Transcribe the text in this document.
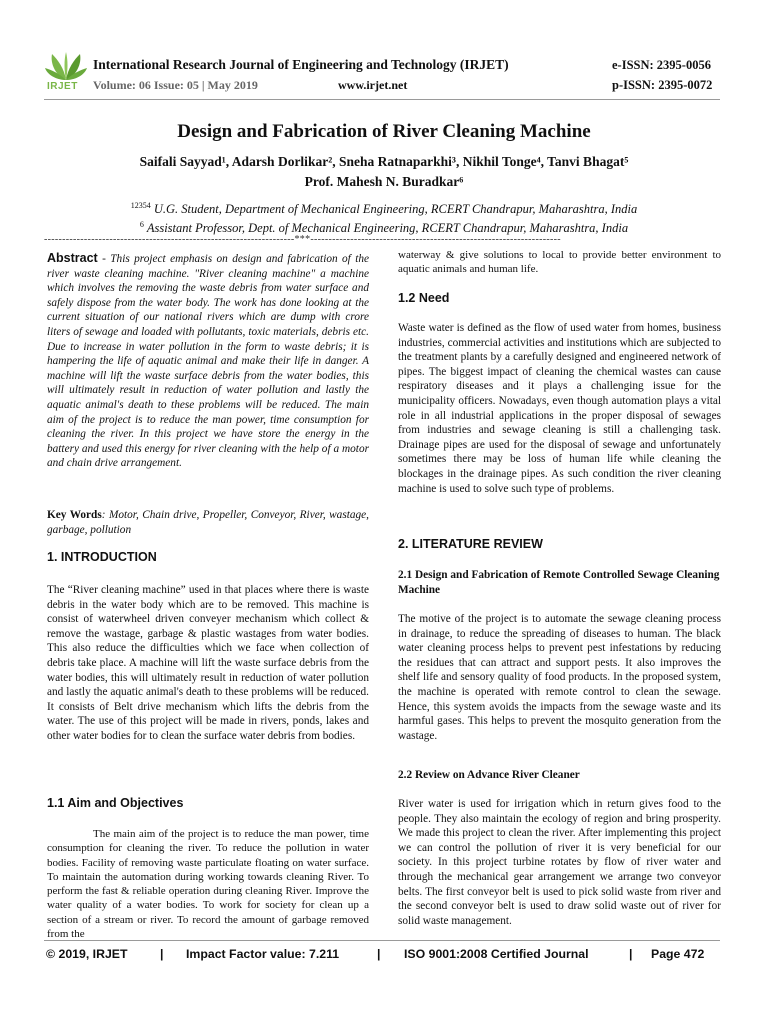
IRJET
International Research Journal of Engineering and Technology (IRJET)
Volume: 06 Issue: 05 | May 2019	www.irjet.net
e-ISSN: 2395-0056
p-ISSN: 2395-0072
Design and Fabrication of River Cleaning Machine
Saifali Sayyad¹, Adarsh Dorlikar², Sneha Ratnaparkhi³, Nikhil Tonge⁴, Tanvi Bhagat⁵
Prof. Mahesh N. Buradkar⁶
$^{12354}$ U.G. Student, Department of Mechanical Engineering, RCERT Chandrapur, Maharashtra, India
$^6$ Assistant Professor, Dept. of Mechanical Engineering, RCERT Chandrapur, Maharashtra, India
---------------------------------------------------------------------***---------------------------------------------------------------------

Abstract - This project emphasis on design and fabrication of the river waste cleaning machine. "River cleaning machine" a machine which involves the removing the waste debris from water surface and safely dispose from the water body. The work has done looking at the current situation of our national rivers which are dump with crore liters of sewage and loaded with pollutants, toxic materials, debris etc. Due to increase in water pollution in the form to waste debris; it is hampering the life of aquatic animal and make their life in danger. A machine will lift the waste surface debris from the water bodies, this will ultimately result in reduction of water pollution and lastly the aquatic animal's death to these problems will be reduced. The main aim of the project is to reduce the man power, time consumption for cleaning the river. In this project we have store the energy in the battery and used this energy for river cleaning with the help of a motor and chain drive arrangement.

Key Words: Motor, Chain drive, Propeller, Conveyor, River, wastage, garbage, pollution

1. INTRODUCTION
The “River cleaning machine” used in that places where there is waste debris in the water body which are to be removed. This machine is consist of waterwheel driven conveyer mechanism which collect & remove the wastage, garbage & plastic wastages from water bodies. This also reduce the difficulties which we face when collection of debris take place. A machine will lift the waste surface debris from the water bodies, this will ultimately result in reduction of water pollution and lastly the aquatic animal's death to these problems will be reduced. It consists of Belt drive mechanism which lifts the debris from the water. The use of this project will be made in rivers, ponds, lakes and other water bodies for to clean the surface water debris from bodies.
1.1 Aim and Objectives
The main aim of the project is to reduce the man power, time consumption for cleaning the river. To reduce the pollution in water bodies. Facility of removing waste particulate floating on water surface. To maintain the automation during working towards cleaning River. To perform the fast & reliable operation during cleaning River. Improve the water quality of a water bodies. To work for society for clean up a section of a stream or river. To record the amount of garbage removed from the
waterway & give solutions to local to provide better environment to aquatic animals and human life.
1.2 Need
Waste water is defined as the flow of used water from homes, business industries, commercial activities and institutions which are subjected to the treatment plants by a carefully designed and engineered network of pipes. The biggest impact of cleaning the chemical wastes can cause respiratory diseases and it plays a challenging issue for the municipality officers. Nowadays, even though automation plays a vital role in all industrial applications in the proper disposal of sewages from industries and sewage cleaning is still a challenging task. Drainage pipes are used for the disposal of sewage and unfortunately sometimes there may be loss of human life while cleaning the blockages in the drainage pipes. As such condition the river cleaning machine is used to solve such type of problems.
2. LITERATURE REVIEW
2.1 Design and Fabrication of Remote Controlled Sewage Cleaning Machine
The motive of the project is to automate the sewage cleaning process in drainage, to reduce the spreading of diseases to human. The black water cleaning process helps to prevent pest infestations by reducing the residues that can attract and support pests. It also improves the shelf life and sensory quality of food products. In the proposed system, the machine is operated with remote control to clean the sewage. Hence, this system avoids the impacts from the sewage waste and its harmful gases. This helps to prevent the mosquito generation from the wastage.
2.2 Review on Advance River Cleaner
River water is used for irrigation which in return gives food to the people. They also maintain the ecology of region and bring prosperity. We made this project to clean the river. After implementing this project we can control the pollution of river it is very beneficial for our society. In this project turbine rotates by flow of river water and through the mechanical gear arrangement we arrange two conveyor belts. The first conveyor belt is used to pick solid waste from river and the second conveyor belt is used to draw solid waste out of river for solid waste management.
© 2019, IRJET	| Impact Factor value: 7.211	| ISO 9001:2008 Certified Journal	| Page 472
